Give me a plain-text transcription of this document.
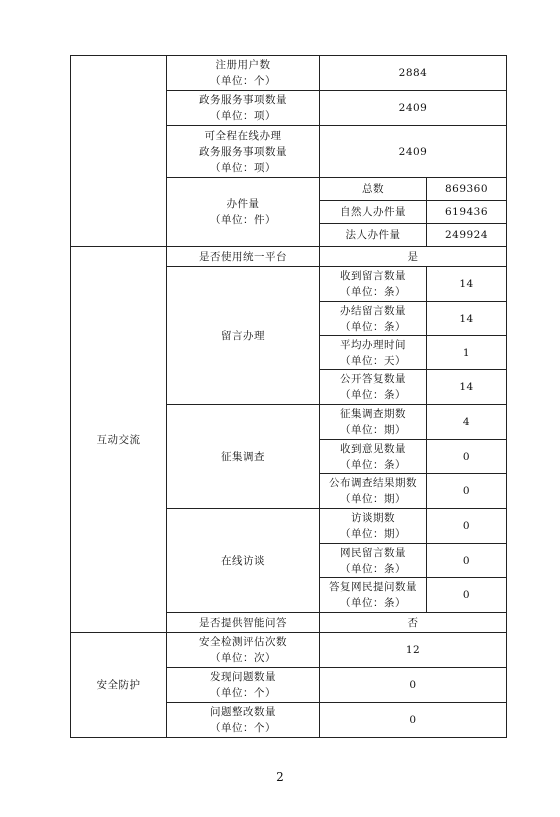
	注册用户数
（单位：个）	2884	

	政务服务事项数量
（单位：项）	2409	

	可全程在线办理
政务服务事项数量
（单位：项）	2409	

	办件量
（单位：件）	总数	869360
		自然人办件量	619436
		法人办件量	249924
互动交流	是否使用统一平台	是	
	留言办理	收到留言数量
（单位：条）	14

		办结留言数量
（单位：条）	14

		平均办理时间
（单位：天）	1

		公开答复数量
（单位：条）	14
	征集调查	征集调查期数
（单位：期）	4

		收到意见数量
（单位：条）	0

		公布调查结果期数
（单位：期）	0
	在线访谈	访谈期数
（单位：期）	0

		网民留言数量
（单位：条）	0

		答复网民提问数量
（单位：条）	0
	是否提供智能问答	否	
安全防护	安全检测评估次数
（单位：次）	12	

	发现问题数量
（单位：个）	0	

	问题整改数量
（单位：个）	0	
2
